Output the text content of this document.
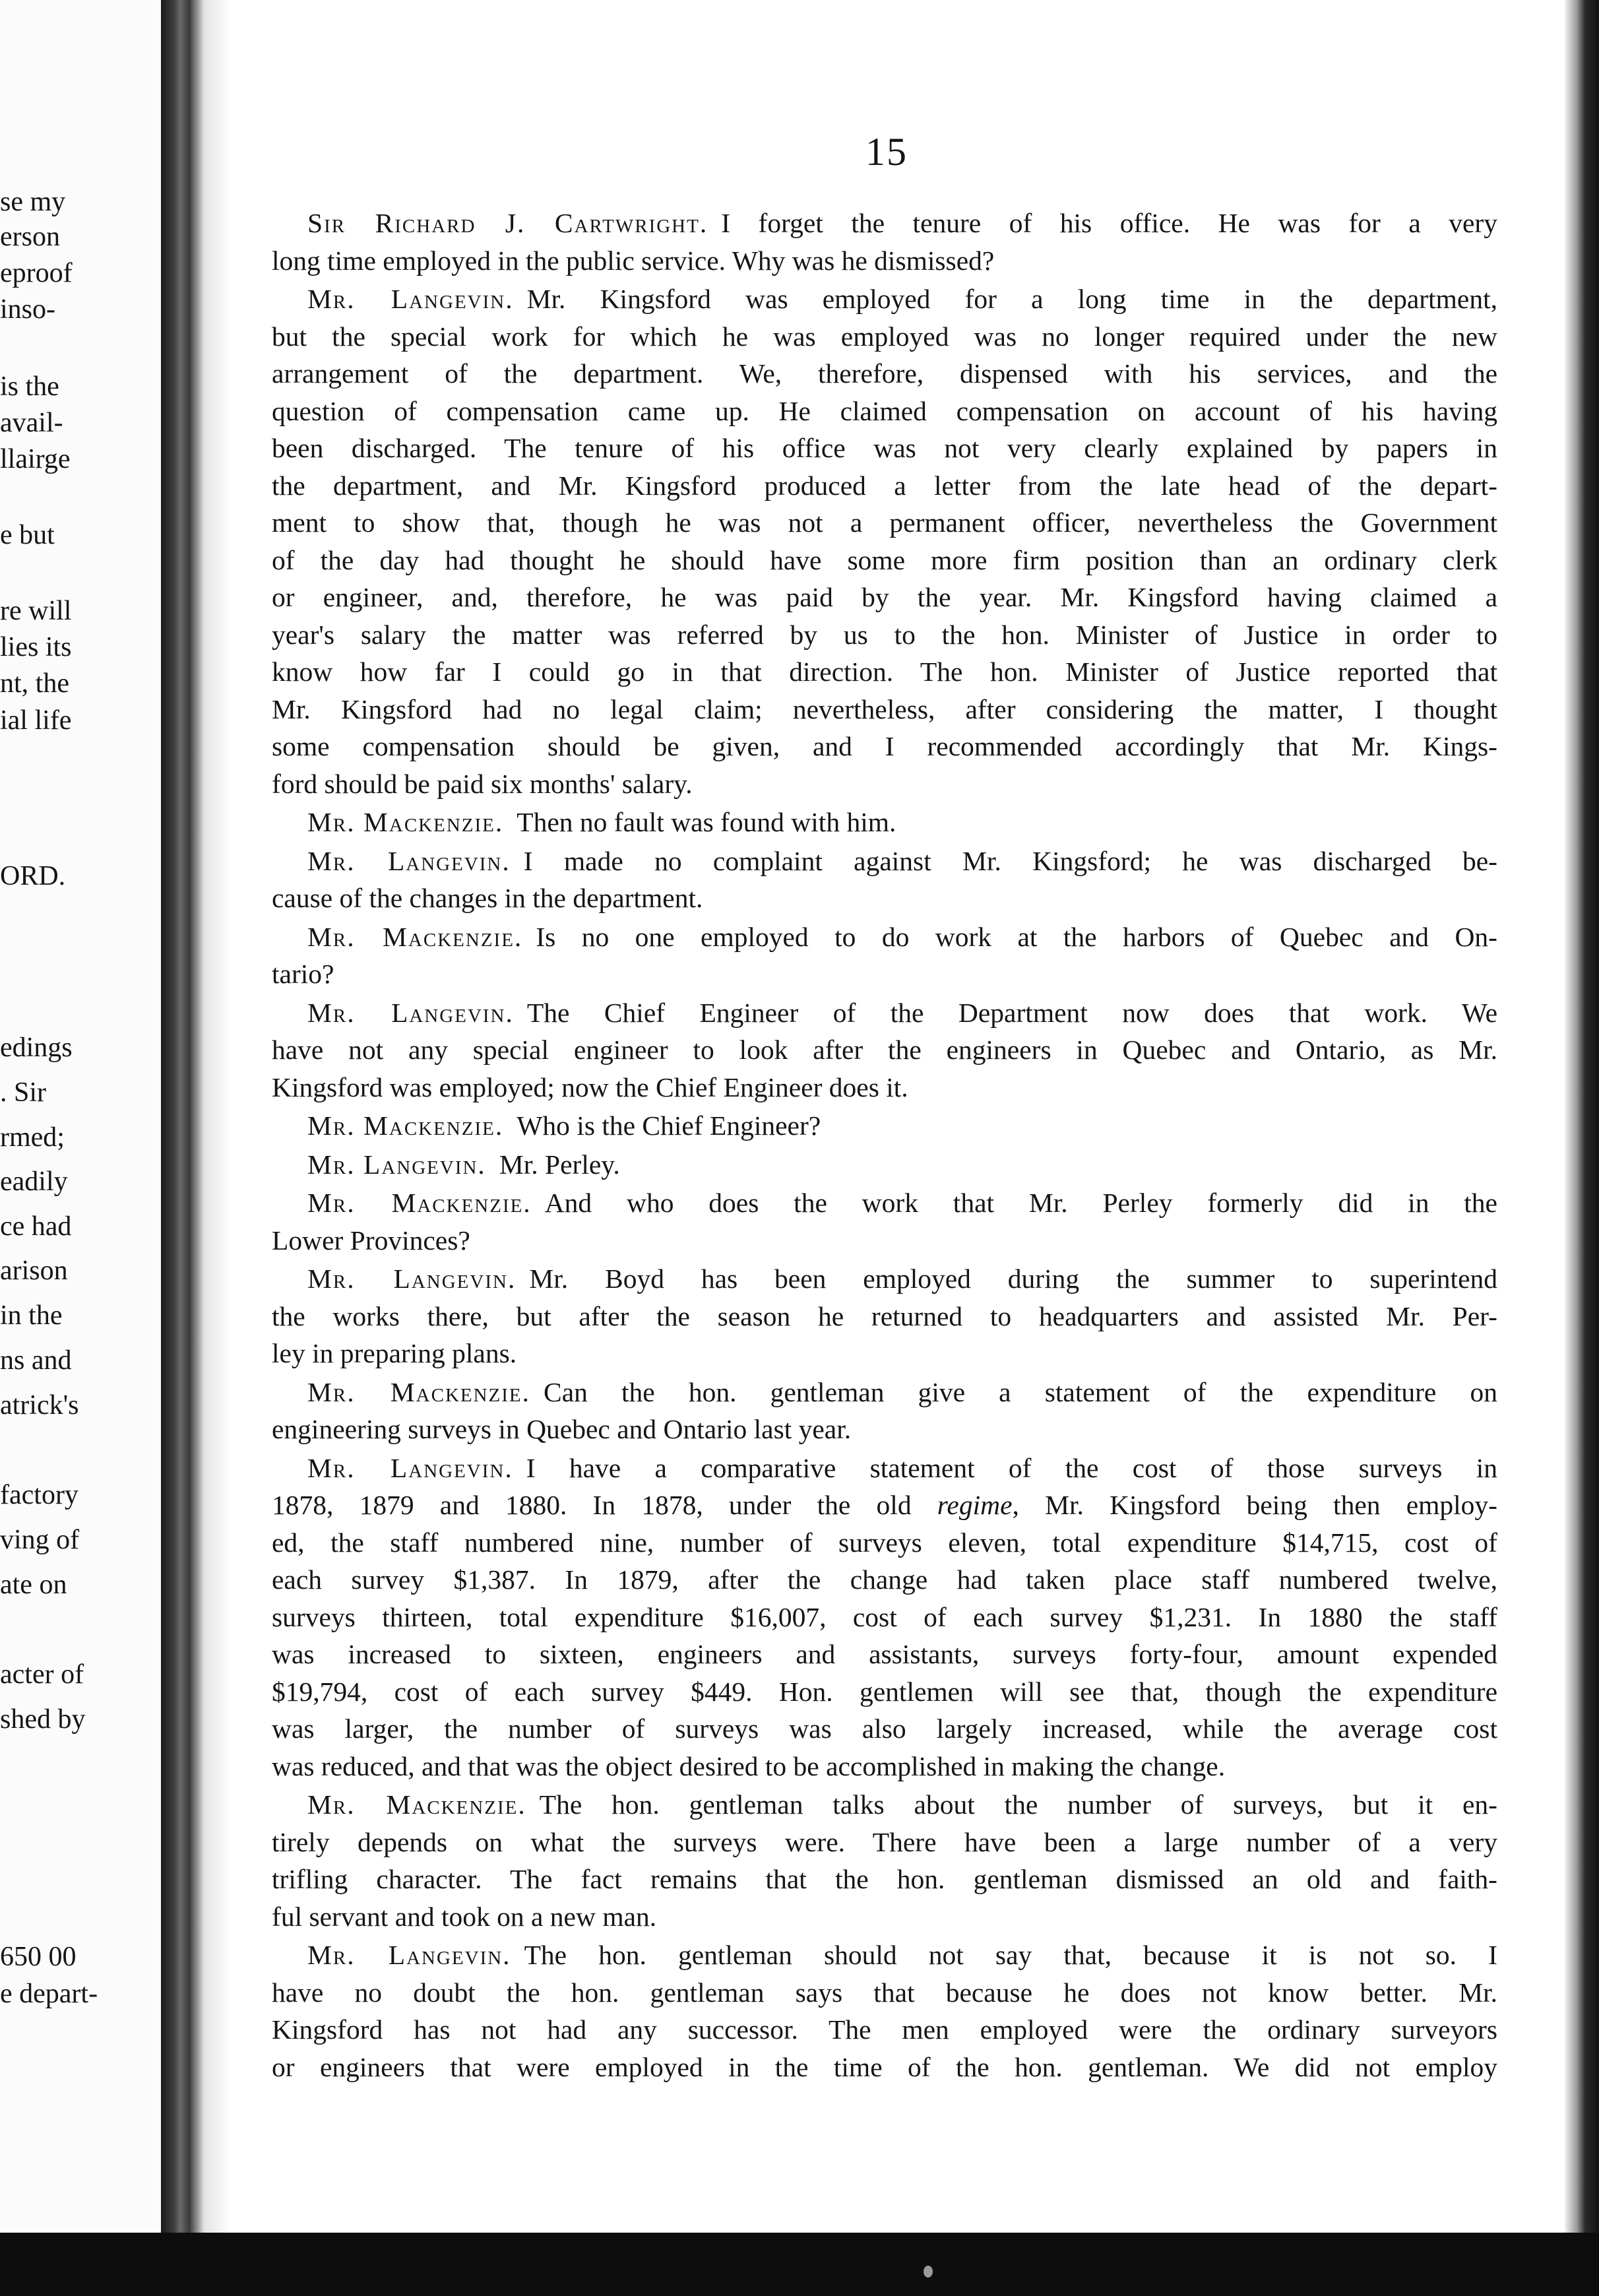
se my
erson
eproof
inso-
is the
avail-
llairge
e but
re will
lies its
nt, the
ial life
ORD.
edings
. Sir
rmed;
eadily
ce had
arison
in the
ns and
atrick's
factory
ving of
ate on
acter of
shed by
650 00
e depart-
15

Sir Richard J. Cartwright. I forget the tenure of his office. He was for a very
long time employed in the public service. Why was he dismissed?

Mr. Langevin. Mr. Kingsford was employed for a long time in the department,
but the special work for which he was employed was no longer required under the new
arrangement of the department. We, therefore, dispensed with his services, and the
question of compensation came up. He claimed compensation on account of his having
been discharged. The tenure of his office was not very clearly explained by papers in
the department, and Mr. Kingsford produced a letter from the late head of the depart-
ment to show that, though he was not a permanent officer, nevertheless the Government
of the day had thought he should have some more firm position than an ordinary clerk
or engineer, and, therefore, he was paid by the year. Mr. Kingsford having claimed a
year's salary the matter was referred by us to the hon. Minister of Justice in order to
know how far I could go in that direction. The hon. Minister of Justice reported that
Mr. Kingsford had no legal claim; nevertheless, after considering the matter, I thought
some compensation should be given, and I recommended accordingly that Mr. Kings-
ford should be paid six months' salary.

Mr. Mackenzie. Then no fault was found with him.

Mr. Langevin. I made no complaint against Mr. Kingsford; he was discharged be-
cause of the changes in the department.

Mr. Mackenzie. Is no one employed to do work at the harbors of Quebec and On-
tario?

Mr. Langevin. The Chief Engineer of the Department now does that work. We
have not any special engineer to look after the engineers in Quebec and Ontario, as Mr.
Kingsford was employed; now the Chief Engineer does it.

Mr. Mackenzie. Who is the Chief Engineer?

Mr. Langevin. Mr. Perley.

Mr. Mackenzie. And who does the work that Mr. Perley formerly did in the
Lower Provinces?

Mr. Langevin. Mr. Boyd has been employed during the summer to superintend
the works there, but after the season he returned to headquarters and assisted Mr. Per-
ley in preparing plans.

Mr. Mackenzie. Can the hon. gentleman give a statement of the expenditure on
engineering surveys in Quebec and Ontario last year.

Mr. Langevin. I have a comparative statement of the cost of those surveys in
1878, 1879 and 1880. In 1878, under the old regime, Mr. Kingsford being then employ-
ed, the staff numbered nine, number of surveys eleven, total expenditure $14,715, cost of
each survey $1,387. In 1879, after the change had taken place staff numbered twelve,
surveys thirteen, total expenditure $16,007, cost of each survey $1,231. In 1880 the staff
was increased to sixteen, engineers and assistants, surveys forty-four, amount expended
$19,794, cost of each survey $449. Hon. gentlemen will see that, though the expenditure
was larger, the number of surveys was also largely increased, while the average cost
was reduced, and that was the object desired to be accomplished in making the change.

Mr. Mackenzie. The hon. gentleman talks about the number of surveys, but it en-
tirely depends on what the surveys were. There have been a large number of a very
trifling character. The fact remains that the hon. gentleman dismissed an old and faith-
ful servant and took on a new man.

Mr. Langevin. The hon. gentleman should not say that, because it is not so. I
have no doubt the hon. gentleman says that because he does not know better. Mr.
Kingsford has not had any successor. The men employed were the ordinary surveyors
or engineers that were employed in the time of the hon. gentleman. We did not employ
